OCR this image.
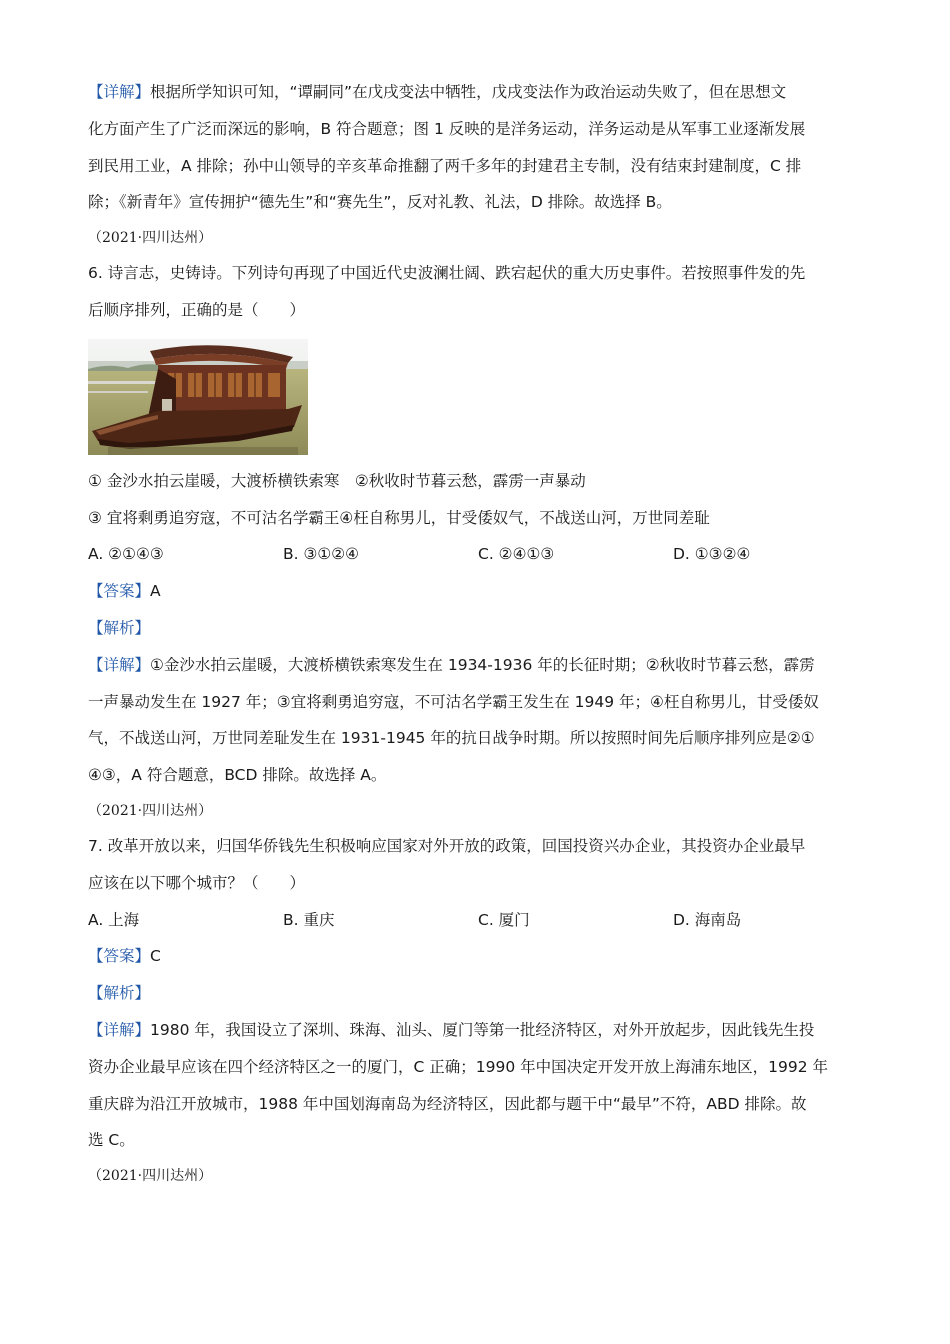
【详解】根据所学知识可知，“谭嗣同”在戊戌变法中牺牲，戊戌变法作为政治运动失败了，但在思想文
化方面产生了广泛而深远的影响，B 符合题意；图 1 反映的是洋务运动，洋务运动是从军事工业逐渐发展
到民用工业，A 排除；孙中山领导的辛亥革命推翻了两千多年的封建君主专制，没有结束封建制度，C 排
除；《新青年》宣传拥护“德先生”和“赛先生”，反对礼教、礼法，D 排除。故选择 B。
（2021·四川达州）
6. 诗言志，史铸诗。下列诗句再现了中国近代史波澜壮阔、跌宕起伏的重大历史事件。若按照事件发的先
后顺序排列，正确的是（　　）
① 金沙水拍云崖暖，大渡桥横铁索寒　②秋收时节暮云愁，霹雳一声暴动
③ 宜将剩勇追穷寇，不可沽名学霸王④枉自称男儿，甘受倭奴气，不战送山河，万世同差耻
A. ②①④③	B. ③①②④	C. ②④①③	D. ①③②④
【答案】A
【解析】
【详解】①金沙水拍云崖暖，大渡桥横铁索寒发生在 1934-1936 年的长征时期；②秋收时节暮云愁，霹雳
一声暴动发生在 1927 年；③宜将剩勇追穷寇，不可沽名学霸王发生在 1949 年；④枉自称男儿，甘受倭奴
气，不战送山河，万世同差耻发生在 1931-1945 年的抗日战争时期。所以按照时间先后顺序排列应是②①
④③，A 符合题意，BCD 排除。故选择 A。
（2021·四川达州）
7. 改革开放以来，归国华侨钱先生积极响应国家对外开放的政策，回国投资兴办企业，其投资办企业最早
应该在以下哪个城市？（　　）
A. 上海	B. 重庆	C. 厦门	D. 海南岛
【答案】C
【解析】
【详解】1980 年，我国设立了深圳、珠海、汕头、厦门等第一批经济特区，对外开放起步，因此钱先生投
资办企业最早应该在四个经济特区之一的厦门，C 正确；1990 年中国决定开发开放上海浦东地区，1992 年
重庆辟为沿江开放城市，1988 年中国划海南岛为经济特区，因此都与题干中“最早”不符，ABD 排除。故
选 C。
（2021·四川达州）
